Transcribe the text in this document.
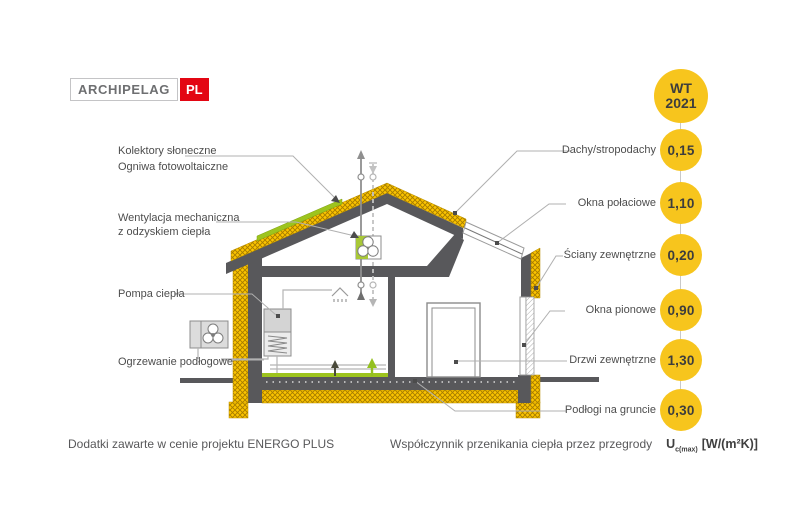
ARCHIPELAG	PL
Kolektory słoneczne
Ogniwa fotowoltaiczne
Wentylacja mechaniczna
z odzyskiem ciepła
Pompa ciepła
Ogrzewanie podłogowe
WT
2021
Dachy/stropodachy 0,15
Okna połaciowe 1,10
Ściany zewnętrzne 0,20
Okna pionowe 0,90
Drzwi zewnętrzne 1,30
Podłogi na gruncie 0,30
Dodatki zawarte w cenie projektu ENERGO PLUS	Współczynnik przenikania ciepła przez przegrody $U_{c(max)}$ [W/(m²K)]
